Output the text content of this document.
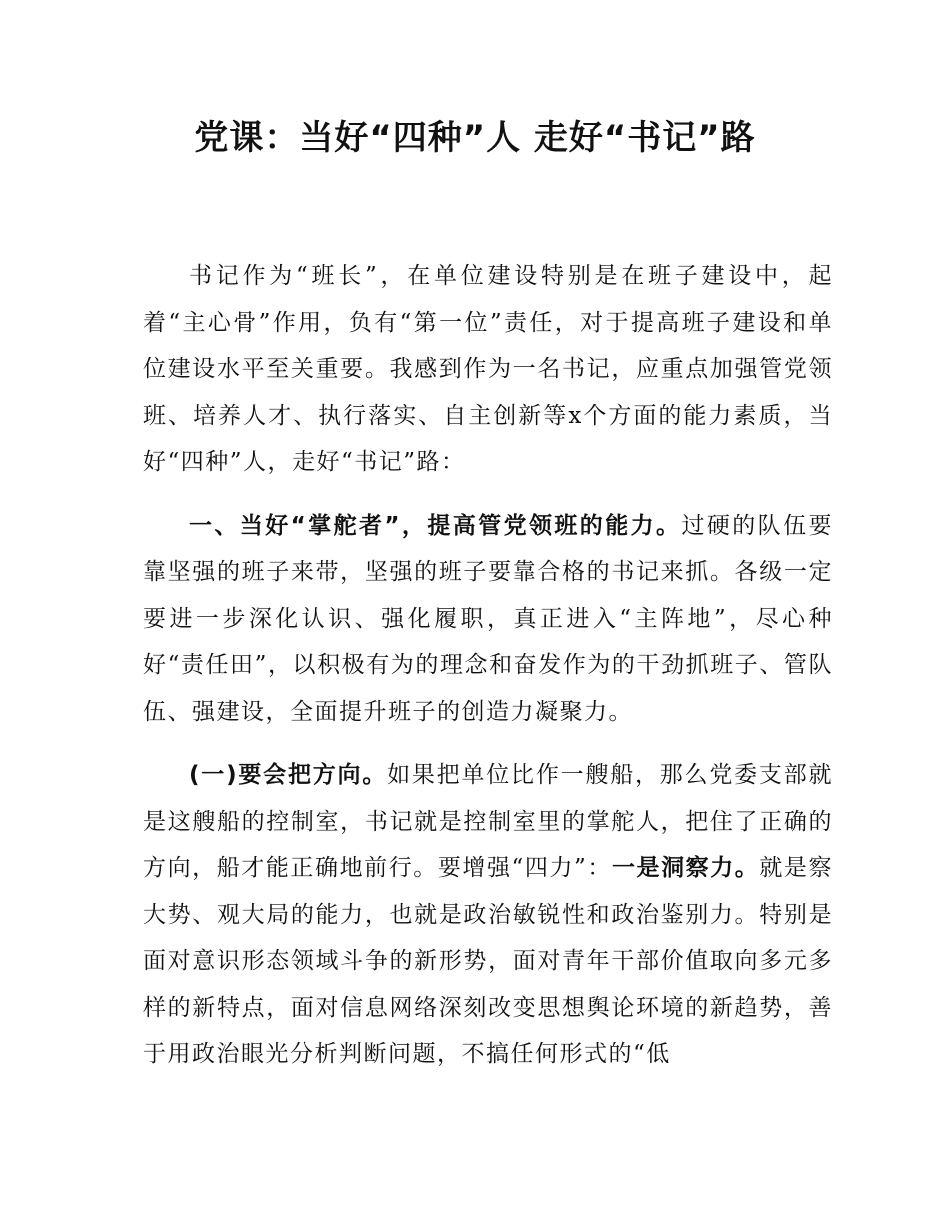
党课：当好“四种”人 走好“书记”路

书记作为“班长”，在单位建设特别是在班子建设中，起着“主心骨”作用，负有“第一位”责任，对于提高班子建设和单位建设水平至关重要。我感到作为一名书记，应重点加强管党领班、培养人才、执行落实、自主创新等x个方面的能力素质，当好“四种”人，走好“书记”路：

一、当好“掌舵者”，提高管党领班的能力。过硬的队伍要靠坚强的班子来带，坚强的班子要靠合格的书记来抓。各级一定要进一步深化认识、强化履职，真正进入“主阵地”，尽心种好“责任田”，以积极有为的理念和奋发作为的干劲抓班子、管队伍、强建设，全面提升班子的创造力凝聚力。

(一)要会把方向。如果把单位比作一艘船，那么党委支部就是这艘船的控制室，书记就是控制室里的掌舵人，把住了正确的方向，船才能正确地前行。要增强“四力”：一是洞察力。就是察大势、观大局的能力，也就是政治敏锐性和政治鉴别力。特别是面对意识形态领域斗争的新形势，面对青年干部价值取向多元多样的新特点，面对信息网络深刻改变思想舆论环境的新趋势，善于用政治眼光分析判断问题，不搞任何形式的“低
